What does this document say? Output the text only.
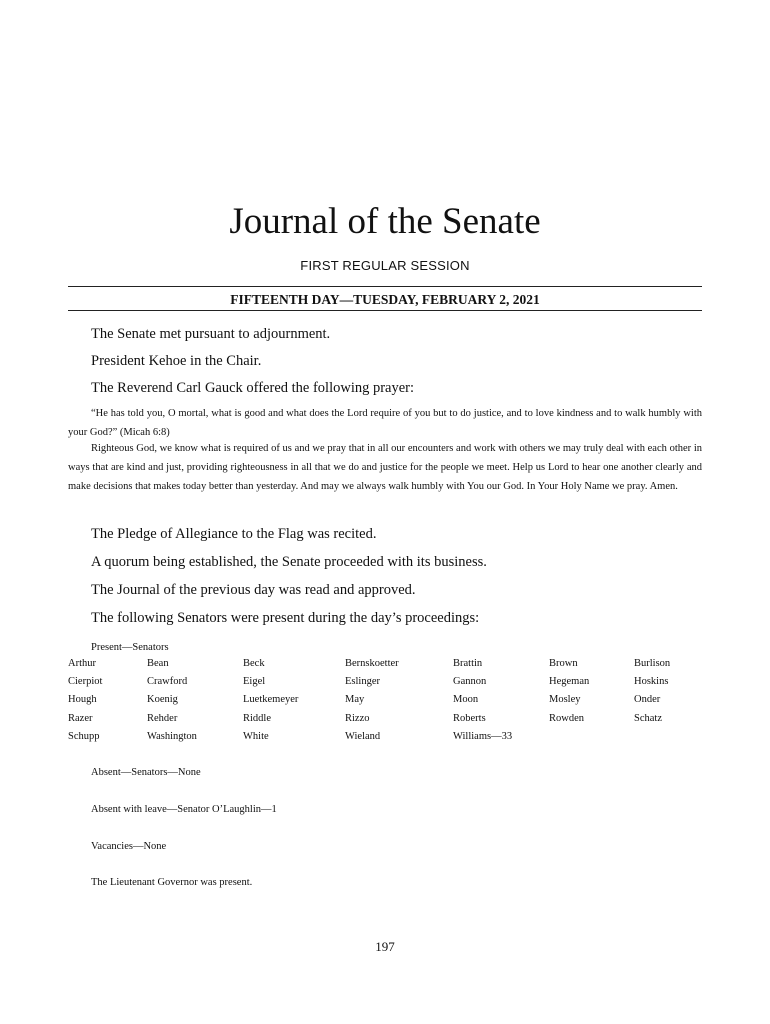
Journal of the Senate
FIRST REGULAR SESSION
FIFTEENTH DAY—TUESDAY, FEBRUARY 2, 2021

The Senate met pursuant to adjournment.

President Kehoe in the Chair.

The Reverend Carl Gauck offered the following prayer:

“He has told you, O mortal, what is good and what does the Lord require of you but to do justice, and to love kindness and to walk humbly with your God?” (Micah 6:8)

Righteous God, we know what is required of us and we pray that in all our encounters and work with others we may truly deal with each other in ways that are kind and just, providing righteousness in all that we do and justice for the people we meet. Help us Lord to hear one another clearly and make decisions that makes today better than yesterday. And may we always walk humbly with You our God. In Your Holy Name we pray. Amen.

The Pledge of Allegiance to the Flag was recited.

A quorum being established, the Senate proceeded with its business.

The Journal of the previous day was read and approved.

The following Senators were present during the day’s proceedings:

Present—Senators

Arthur	Bean	Beck	Bernskoetter	Brattin	Brown	Burlison
Cierpiot	Crawford	Eigel	Eslinger	Gannon	Hegeman	Hoskins
Hough	Koenig	Luetkemeyer	May	Moon	Mosley	Onder
Razer	Rehder	Riddle	Rizzo	Roberts	Rowden	Schatz
Schupp	Washington	White	Wieland	Williams—33

Absent—Senators—None

Absent with leave—Senator O’Laughlin—1

Vacancies—None

The Lieutenant Governor was present.

197
